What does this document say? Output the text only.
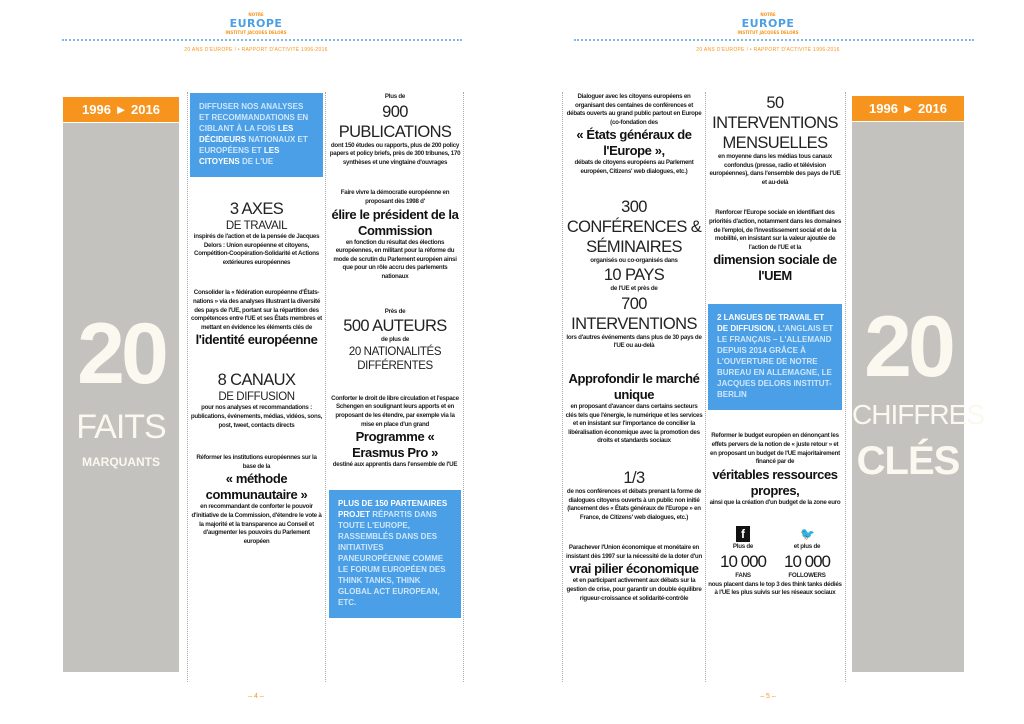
NOTRE
EUROPE
INSTITUT JACQUES DELORS
20 ANS D'EUROPE ! • RAPPORT D'ACTIVITÉ 1996-2016
1996 ► 2016
20
FAITS
MARQUANTS
DIFFUSER NOS ANALYSES ET RECOMMANDATIONS EN CIBLANT À LA FOIS LES DÉCIDEURS NATIONAUX ET EUROPÉENS ET LES CITOYENS DE L'UE
3 AXES
DE TRAVAIL
inspirés de l'action et de la pensée de Jacques Delors : Union européenne et citoyens, Compétition-Coopération-Solidarité et Actions extérieures européennes
Consolider la « fédération européenne d'États-nations » via des analyses illustrant la diversité des pays de l'UE, portant sur la répartition des compétences entre l'UE et ses États membres et mettant en évidence les éléments clés de
l'identité européenne
8 CANAUX
DE DIFFUSION
pour nos analyses et recommandations : publications, événements, médias, vidéos, sons, post, tweet, contacts directs
Réformer les institutions européennes sur la base de la
« méthode communautaire »
en recommandant de conforter le pouvoir d'initiative de la Commission, d'étendre le vote à la majorité et la transparence au Conseil et d'augmenter les pouvoirs du Parlement européen
Plus de
900 PUBLICATIONS
dont 150 études ou rapports, plus de 200 policy papers et policy briefs, près de 300 tribunes, 170 synthèses et une vingtaine d'ouvrages
Faire vivre la démocratie européenne en proposant dès 1998 d'
élire le président de la Commission
en fonction du résultat des élections européennes, en militant pour la réforme du mode de scrutin du Parlement européen ainsi que pour un rôle accru des parlements nationaux
Près de
500 AUTEURS
de plus de
20 NATIONALITÉS DIFFÉRENTES
Conforter le droit de libre circulation et l'espace Schengen en soulignant leurs apports et en proposant de les étendre, par exemple via la mise en place d'un grand
Programme « Erasmus Pro »
destiné aux apprentis dans l'ensemble de l'UE
PLUS DE 150 PARTENAIRES PROJET RÉPARTIS DANS TOUTE L'EUROPE, RASSEMBLÉS DANS DES INITIATIVES PANEUROPÉENNE COMME LE FORUM EUROPÉEN DES THINK TANKS, THINK GLOBAL ACT EUROPEAN, ETC.
– 4 –
NOTRE
EUROPE
INSTITUT JACQUES DELORS
20 ANS D'EUROPE ! • RAPPORT D'ACTIVITÉ 1996-2016
Dialoguer avec les citoyens européens en organisant des centaines de conférences et débats ouverts au grand public partout en Europe (co-fondation des
« États généraux de l'Europe »,
débats de citoyens européens au Parlement européen, Citizens' web dialogues, etc.)
300 CONFÉRENCES & SÉMINAIRES
organisés ou co-organisés dans
10 PAYS
de l'UE et près de
700 INTERVENTIONS
lors d'autres événements dans plus de 30 pays de l'UE ou au-delà
Approfondir le marché unique
en proposant d'avancer dans certains secteurs clés tels que l'énergie, le numérique et les services et en insistant sur l'importance de concilier la libéralisation économique avec la promotion des droits et standards sociaux
1/3
de nos conférences et débats prenant la forme de dialogues citoyens ouverts à un public non initié (lancement des « États généraux de l'Europe » en France, de Citizens' web dialogues, etc.)
Parachever l'Union économique et monétaire en insistant dès 1997 sur la nécessité de la doter d'un
vrai pilier économique
et en participant activement aux débats sur la gestion de crise, pour garantir un double équilibre rigueur-croissance et solidarité-contrôle
50 INTERVENTIONS MENSUELLES
en moyenne dans les médias tous canaux confondus (presse, radio et télévision européennes), dans l'ensemble des pays de l'UE et au-delà
Renforcer l'Europe sociale en identifiant des priorités d'action, notamment dans les domaines de l'emploi, de l'investissement social et de la mobilité, en insistant sur la valeur ajoutée de l'action de l'UE et la
dimension sociale de l'UEM
2 LANGUES DE TRAVAIL ET DE DIFFUSION, L'ANGLAIS ET LE FRANÇAIS – L'ALLEMAND DEPUIS 2014 GRÂCE À L'OUVERTURE DE NOTRE BUREAU EN ALLEMAGNE, LE JACQUES DELORS INSTITUT-BERLIN
Reformer le budget européen en dénonçant les effets pervers de la notion de « juste retour » et en proposant un budget de l'UE majoritairement financé par de
véritables ressources propres,
ainsi que la création d'un budget de la zone euro
f
Plus de
10 000
FANS
🐦
et plus de
10 000
FOLLOWERS
nous placent dans le top 3 des think tanks dédiés à l'UE les plus suivis sur les réseaux sociaux
1996 ► 2016
20
CHIFFRES
CLÉS
– 5 –
